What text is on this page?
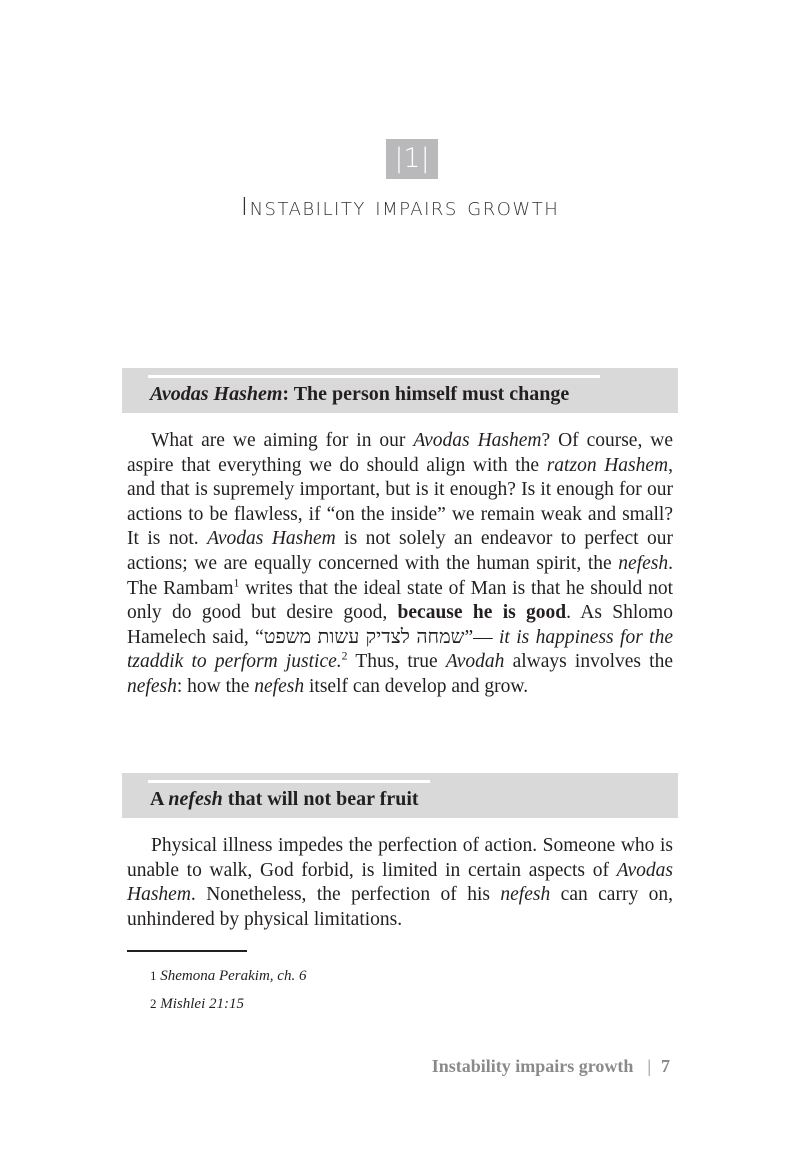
|1|
Instability impairs growth
Avodas Hashem: The person himself must change

What are we aiming for in our Avodas Hashem? Of course, we aspire that everything we do should align with the ratzon Hashem, and that is supremely important, but is it enough? Is it enough for our actions to be flawless, if “on the inside” we remain weak and small? It is not. Avodas Hashem is not solely an endeavor to perfect our actions; we are equally concerned with the human spirit, the nefesh. The Rambam$^1$ writes that the ideal state of Man is that he should not only do good but desire good, because he is good. As Shlomo Hamelech said, “שמחה לצדיק עשות משפט”— it is happiness for the tzaddik to perform justice.$^2$ Thus, true Avodah always involves the nefesh: how the nefesh itself can develop and grow.

A nefesh that will not bear fruit

Physical illness impedes the perfection of action. Someone who is unable to walk, God forbid, is limited in certain aspects of Avodas Hashem. Nonetheless, the perfection of his nefesh can carry on, unhindered by physical limitations.

1 Shemona Perakim, ch. 6
2 Mishlei 21:15
Instability impairs growth | 7
